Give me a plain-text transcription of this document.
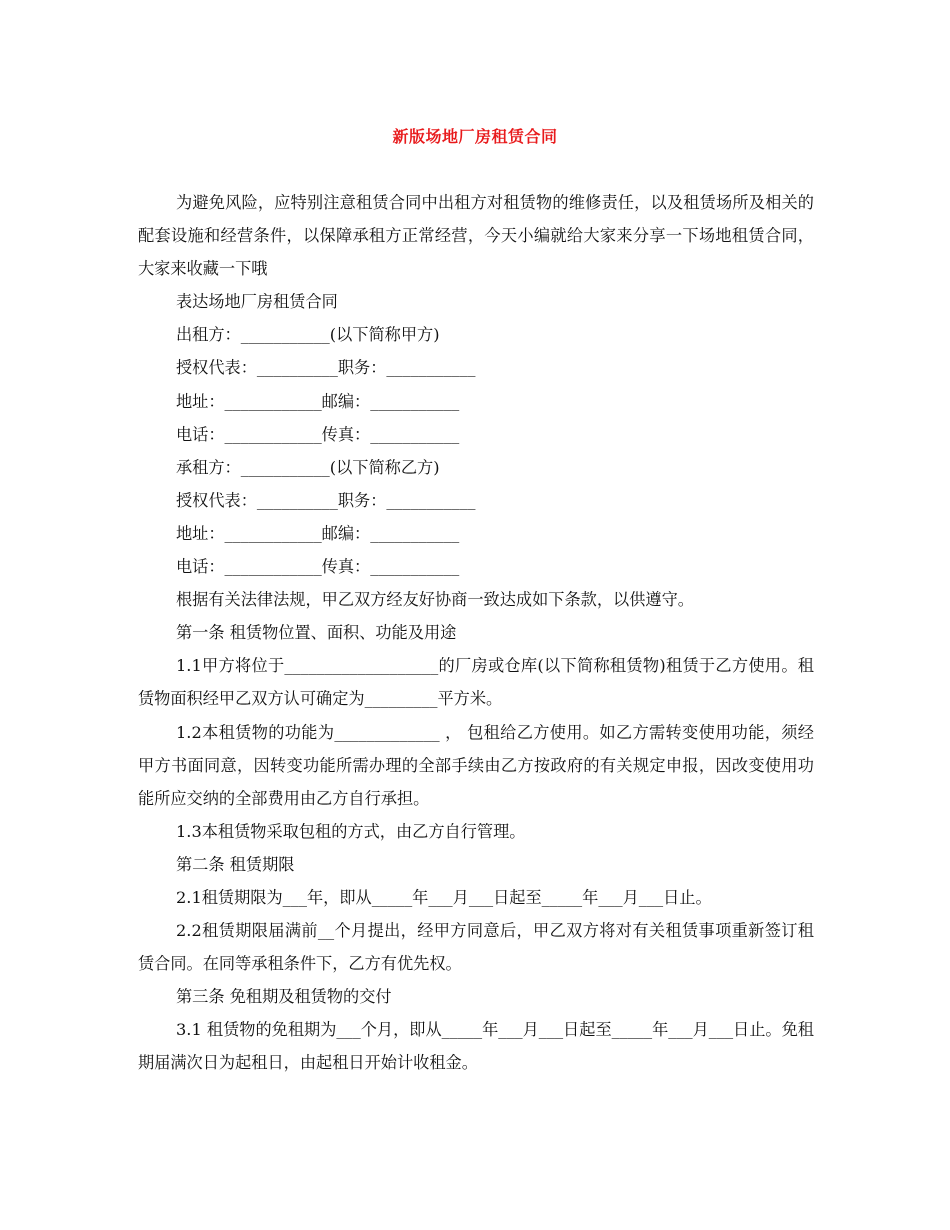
新版场地厂房租赁合同

为避免风险，应特别注意租赁合同中出租方对租赁物的维修责任，以及租赁场所及相关的配套设施和经营条件，以保障承租方正常经营，今天小编就给大家来分享一下场地租赁合同，大家来收藏一下哦

表达场地厂房租赁合同

出租方：___________(以下简称甲方)

授权代表：__________职务：___________

地址：____________邮编：___________

电话：____________传真：___________

承租方：___________(以下简称乙方)

授权代表：__________职务：___________

地址：____________邮编：___________

电话：____________传真：___________

根据有关法律法规，甲乙双方经友好协商一致达成如下条款，以供遵守。

第一条 租赁物位置、面积、功能及用途

1.1甲方将位于___________________的厂房或仓库(以下简称租赁物)租赁于乙方使用。租赁物面积经甲乙双方认可确定为_________平方米。

1.2本租赁物的功能为_____________ ， 包租给乙方使用。如乙方需转变使用功能，须经甲方书面同意，因转变功能所需办理的全部手续由乙方按政府的有关规定申报，因改变使用功能所应交纳的全部费用由乙方自行承担。

1.3本租赁物采取包租的方式，由乙方自行管理。

第二条 租赁期限

2.1租赁期限为___年，即从_____年___月___日起至_____年___月___日止。

2.2租赁期限届满前__个月提出，经甲方同意后，甲乙双方将对有关租赁事项重新签订租赁合同。在同等承租条件下，乙方有优先权。

第三条 免租期及租赁物的交付

3.1 租赁物的免租期为___个月，即从_____年___月___日起至_____年___月___日止。免租期届满次日为起租日，由起租日开始计收租金。
